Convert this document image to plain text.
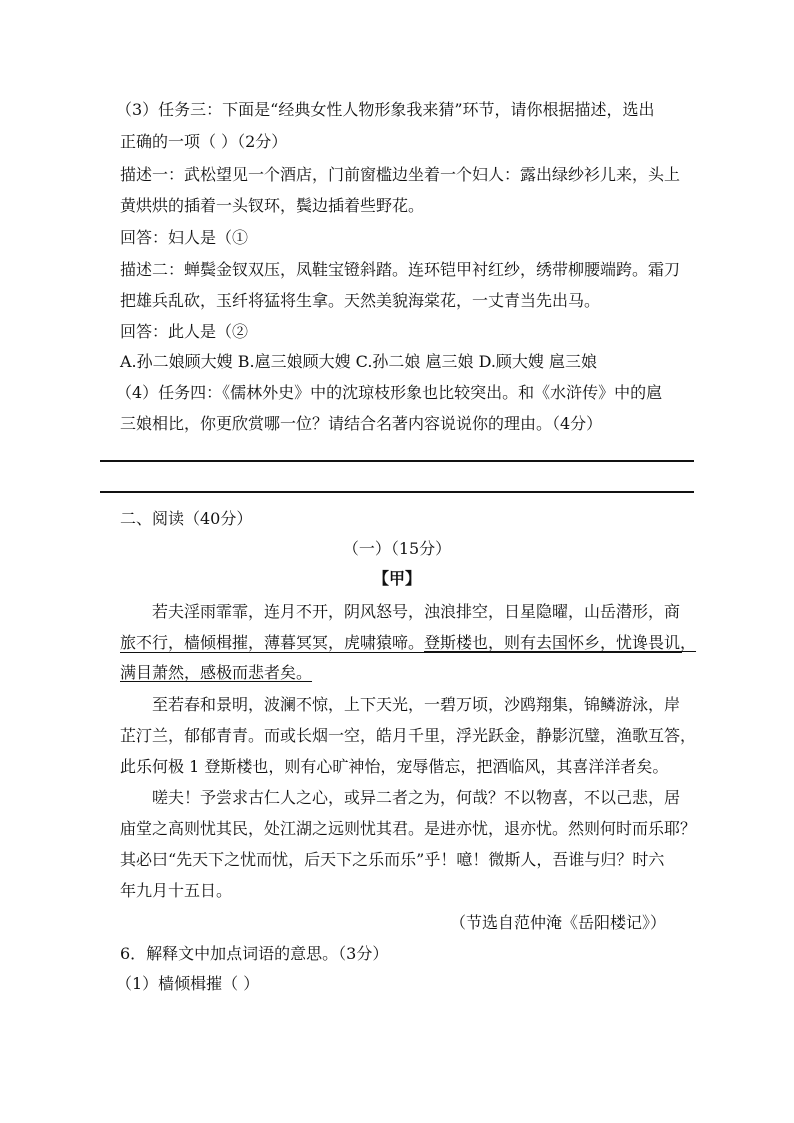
（3）任务三：下面是“经典女性人物形象我来猜”环节，请你根据描述，选出
正确的一项（ ）（2分）
描述一：武松望见一个酒店，门前窗槛边坐着一个妇人：露出绿纱衫儿来，头上
黄烘烘的插着一头钗环，鬓边插着些野花。
回答：妇人是（①
描述二：蝉鬓金钗双压，凤鞋宝镫斜踏。连环铠甲衬红纱，绣带柳腰端跨。霜刀
把雄兵乱砍，玉纤将猛将生拿。天然美貌海棠花，一丈青当先出马。
回答：此人是（②
A.孙二娘顾大嫂 B.扈三娘顾大嫂 C.孙二娘 扈三娘 D.顾大嫂 扈三娘
（4）任务四：《儒林外史》中的沈琼枝形象也比较突出。和《水浒传》中的扈
三娘相比，你更欣赏哪一位？请结合名著内容说说你的理由。（4分）
二、阅读（40分）
（一）（15分）
【甲】
若夫淫雨霏霏，连月不开，阴风怒号，浊浪排空，日星隐曜，山岳潜形，商
旅不行，樯倾楫摧，薄暮冥冥，虎啸猿啼。登斯楼也，则有去国怀乡，忧谗畏讥，
满目萧然，感极而悲者矣。
至若春和景明，波澜不惊，上下天光，一碧万顷，沙鸥翔集，锦鳞游泳，岸
芷汀兰，郁郁青青。而或长烟一空，皓月千里，浮光跃金，静影沉璧，渔歌互答，
此乐何极 1 登斯楼也，则有心旷神怡，宠辱偕忘，把酒临风，其喜洋洋者矣。
嗟夫！予尝求古仁人之心，或异二者之为，何哉？不以物喜，不以己悲，居
庙堂之高则忧其民，处江湖之远则忧其君。是进亦忧，退亦忧。然则何时而乐耶？
其必曰“先天下之忧而忧，后天下之乐而乐”乎！噫！微斯人，吾谁与归？时六
年九月十五日。
（节选自范仲淹《岳阳楼记》）
6．解释文中加点词语的意思。（3分）
（1）樯倾楫摧（ ）
